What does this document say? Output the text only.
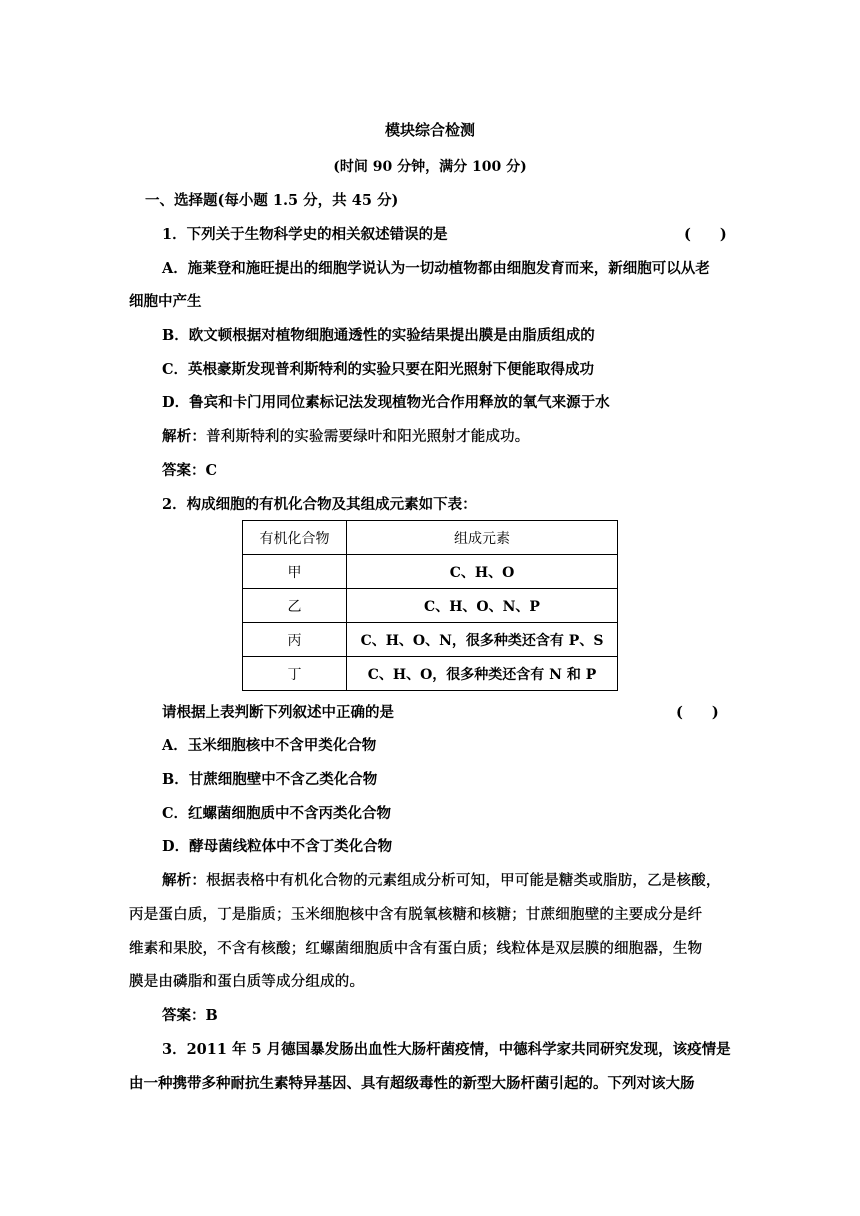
模块综合检测
(时间 90 分钟，满分 100 分)
一、选择题(每小题 1.5 分，共 45 分)
1．下列关于生物科学史的相关叙述错误的是	(　　)
A．施莱登和施旺提出的细胞学说认为一切动植物都由细胞发育而来，新细胞可以从老
细胞中产生
B．欧文顿根据对植物细胞通透性的实验结果提出膜是由脂质组成的
C．英根豪斯发现普利斯特利的实验只要在阳光照射下便能取得成功
D．鲁宾和卡门用同位素标记法发现植物光合作用释放的氧气来源于水
解析：普利斯特利的实验需要绿叶和阳光照射才能成功。
答案：C
2．构成细胞的有机化合物及其组成元素如下表：
有机化合物	组成元素
甲	C、H、O
乙	C、H、O、N、P
丙	C、H、O、N，很多种类还含有 P、S
丁	C、H、O，很多种类还含有 N 和 P
请根据上表判断下列叙述中正确的是	(　　)
A．玉米细胞核中不含甲类化合物
B．甘蔗细胞壁中不含乙类化合物
C．红螺菌细胞质中不含丙类化合物
D．酵母菌线粒体中不含丁类化合物
解析：根据表格中有机化合物的元素组成分析可知，甲可能是糖类或脂肪，乙是核酸，
丙是蛋白质，丁是脂质；玉米细胞核中含有脱氧核糖和核糖；甘蔗细胞壁的主要成分是纤
维素和果胶，不含有核酸；红螺菌细胞质中含有蛋白质；线粒体是双层膜的细胞器，生物
膜是由磷脂和蛋白质等成分组成的。
答案：B
3．2011 年 5 月德国暴发肠出血性大肠杆菌疫情，中德科学家共同研究发现，该疫情是
由一种携带多种耐抗生素特异基因、具有超级毒性的新型大肠杆菌引起的。下列对该大肠
